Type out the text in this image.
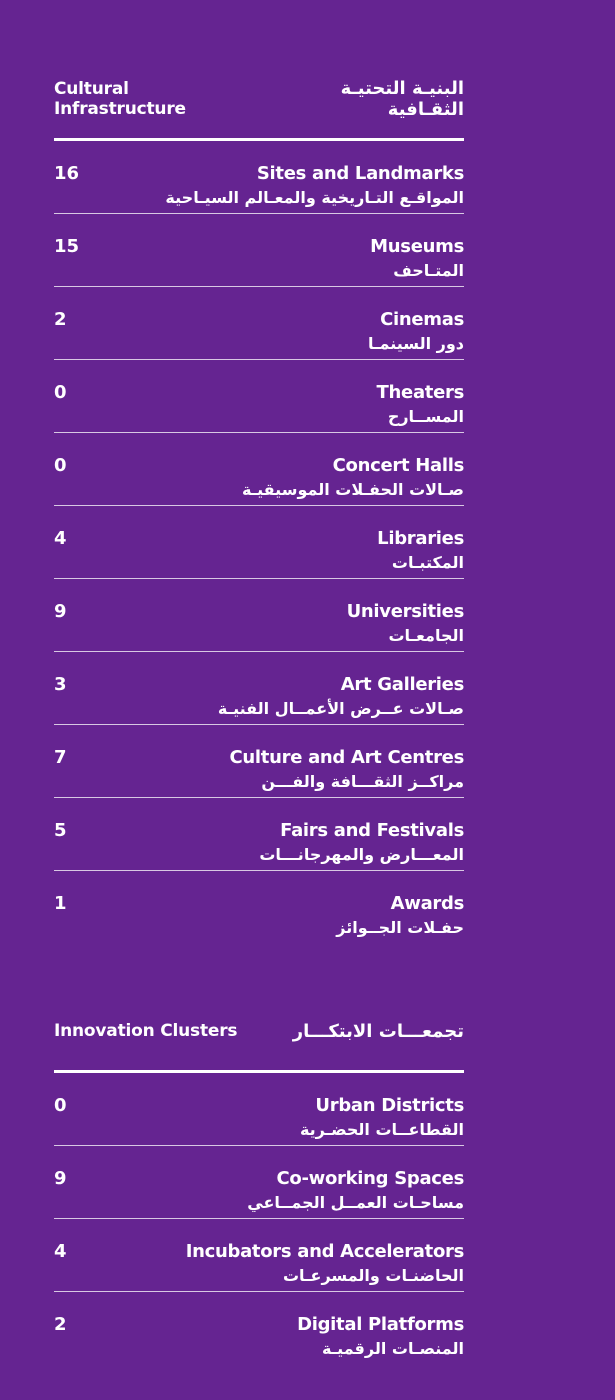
Cultural Infrastructure
البنيـة التحتيـة الثقـافية
16	Sites and Landmarks
المواقـع التـاريخية والمعـالم السيـاحية
15	Museums
المتـاحف
2	Cinemas
دور السينمـا
0	Theaters
المســارح
0	Concert Halls
صـالات الحفـلات الموسيقيـة
4	Libraries
المكتبـات
9	Universities
الجامعـات
3	Art Galleries
صـالات عــرض الأعمــال الفنيـة
7	Culture and Art Centres
مراكــز الثقـــافة والفـــن
5	Fairs and Festivals
المعـــارض والمهرجانـــات
1	Awards
حفـلات الجــوائز
Innovation Clusters	تجمعـــات الابتكـــار
0	Urban Districts
القطاعــات الحضـرية
9	Co-working Spaces
مساحـات العمــل الجمــاعي
4	Incubators and Accelerators
الحاضنـات والمسرعـات
2	Digital Platforms
المنصـات الرقميـة
